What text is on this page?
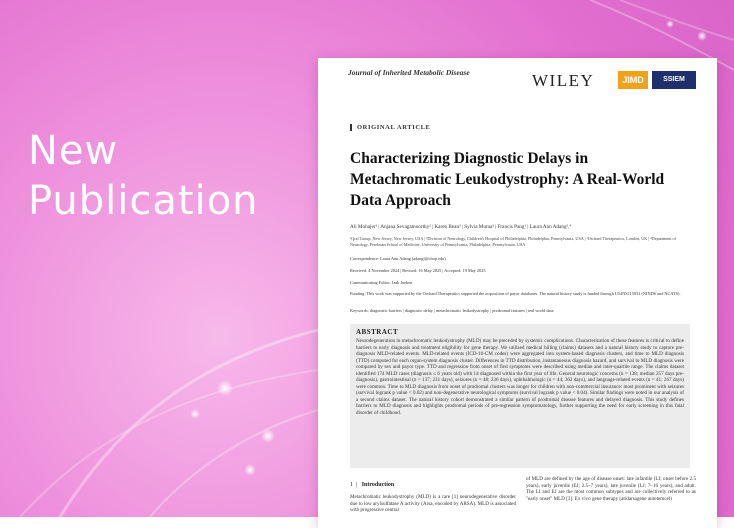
New
Publication
Journal of Inherited Metabolic Disease	WILEY	JIMD	SSIEM
ORIGINAL ARTICLE
Characterizing Diagnostic Delays in Metachromatic Leukodystrophy: A Real-World Data Approach
Ali Mohajer¹ | Anjana Sevagamoorthy² | Karen Bean³ | Sylvia Mutua³ | Francis Pang¹ | Laura Ann Adang²,⁴
¹Qral Group, New Jersey, New Jersey, USA | ²Division of Neurology, Children's Hospital of Philadelphia, Philadelphia, Pennsylvania, USA | ³Orchard Therapeutics, London, UK | ⁴Department of Neurology, Perelman School of Medicine, University of Pennsylvania, Philadelphia, Pennsylvania, USA
Correspondence: Laura Ann Adang (adangl@chop.edu)
Received: 4 November 2024 | Revised: 16 May 2025 | Accepted: 19 May 2025
Communicating Editor: Jaak Jaeken
Funding: This work was supported by the Orchard Therapeutics supported the acquisition of payor databases. The natural history study is funded through U54NS115052 (NINDS and NCATS).
Keywords: diagnostic barriers | diagnostic delay | metachromatic leukodystrophy | prodromal features | real world data
ABSTRACT
Neurodegeneration in metachromatic leukodystrophy (MLD) may be preceded by systemic complications. Characterization of these features is critical to define barriers to early diagnosis and treatment eligibility for gene therapy. We utilized medical billing (claims) datasets and a natural history study to capture pre-diagnosis MLD-related events. MLD-related events (ICD-10-CM codes) were aggregated into system-based diagnosis clusters, and time to MLD diagnosis (TTD) computed for each organ-system diagnosis cluster. Differences in TTD distribution, instantaneous diagnosis hazard, and survival to MLD diagnosis were compared by sex and payor type. TTD and regression from onset of first symptoms were described using median and inter-quartile range. The claims dataset identified 174 MLD cases (diagnosis ≤ 6 years old) with 14 diagnosed within the first year of life. General neurologic concerns (n = 138; median 257 days pre-diagnosis), gastrointestinal (n = 137; 231 days), seizures (n = 48; 236 days), ophthalmologic (n = 44; 362 days), and language-related events (n = 41; 267 days) were common. Time to MLD diagnosis from onset of prodromal clusters was longer for children with non-commercial insurance: most prominent with seizures (survival logrank p value < 0.02) and non-degenerative neurological symptoms (survival logrank p value < 0.04). Similar findings were noted in our analysis of a second claims dataset. The natural history cohort demonstrated a similar pattern of prodromal disease features and delayed diagnosis. This study defines barriers to MLD diagnosis and highlights prodromal periods of pre-regression symptomatology, further supporting the need for early screening in this fatal disorder of childhood.
1  |   Introduction
Metachromatic leukodystrophy (MLD) is a rare [1] neurodegenerative disorder due to low arylsulfatase A activity (Arsa, encoded by ARSA). MLD is associated with progressive central
of MLD are defined by the age of disease onset: late infantile (LI; onset before 2.5 years), early juvenile (EJ; 2.5–7 years), late juvenile (LJ; 7–16 years), and adult. The LI and EJ are the most common subtypes and are collectively referred to as "early onset" MLD [3]. Ex vivo gene therapy (atidarsagene autotemcel)
